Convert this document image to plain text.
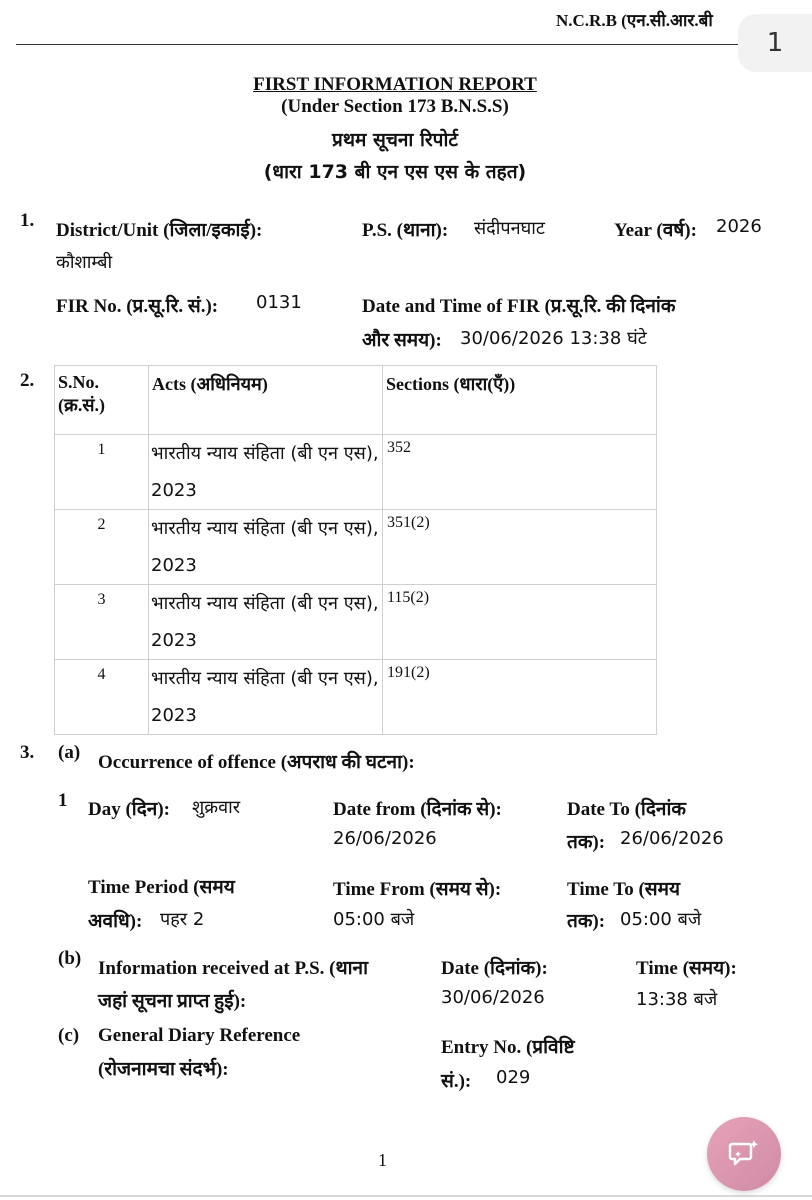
N.C.R.B (एन.सी.आर.बी
1
FIRST INFORMATION REPORT
(Under Section 173 B.N.S.S)
प्रथम सूचना रिपोर्ट
(धारा 173 बी एन एस एस के तहत)
1. District/Unit (जिला/इकाई):
कौशाम्बी
P.S. (थाना): संदीपनघाट	Year (वर्ष): 2026
FIR No. (प्र.सू.रि. सं.): 0131	Date and Time of FIR (प्र.सू.रि. की दिनांक
और समय): 30/06/2026 13:38 घंटे
2. S.No.
(क्र.सं.)	Acts (अधिनियम)	Sections (धारा(एँ))

1	भारतीय न्याय संहिता (बी एन एस), 2023	352

2	भारतीय न्याय संहिता (बी एन एस), 2023	351(2)

3	भारतीय न्याय संहिता (बी एन एस), 2023	115(2)

4	भारतीय न्याय संहिता (बी एन एस), 2023	191(2)
3. (a) Occurrence of offence (अपराध की घटना):
1 Day (दिन): शुक्रवार	Date from (दिनांक से):
26/06/2026
Date To (दिनांक
तक): 26/06/2026
Time Period (समय
अवधि): पहर 2
Time From (समय से):
05:00 बजे
Time To (समय
तक): 05:00 बजे
(b) Information received at P.S. (थाना
जहां सूचना प्राप्त हुई):
Date (दिनांक):
30/06/2026
Time (समय):
13:38 बजे
(c) General Diary Reference
(रोजनामचा संदर्भ):
Entry No. (प्रविष्टि
सं.): 029
1
